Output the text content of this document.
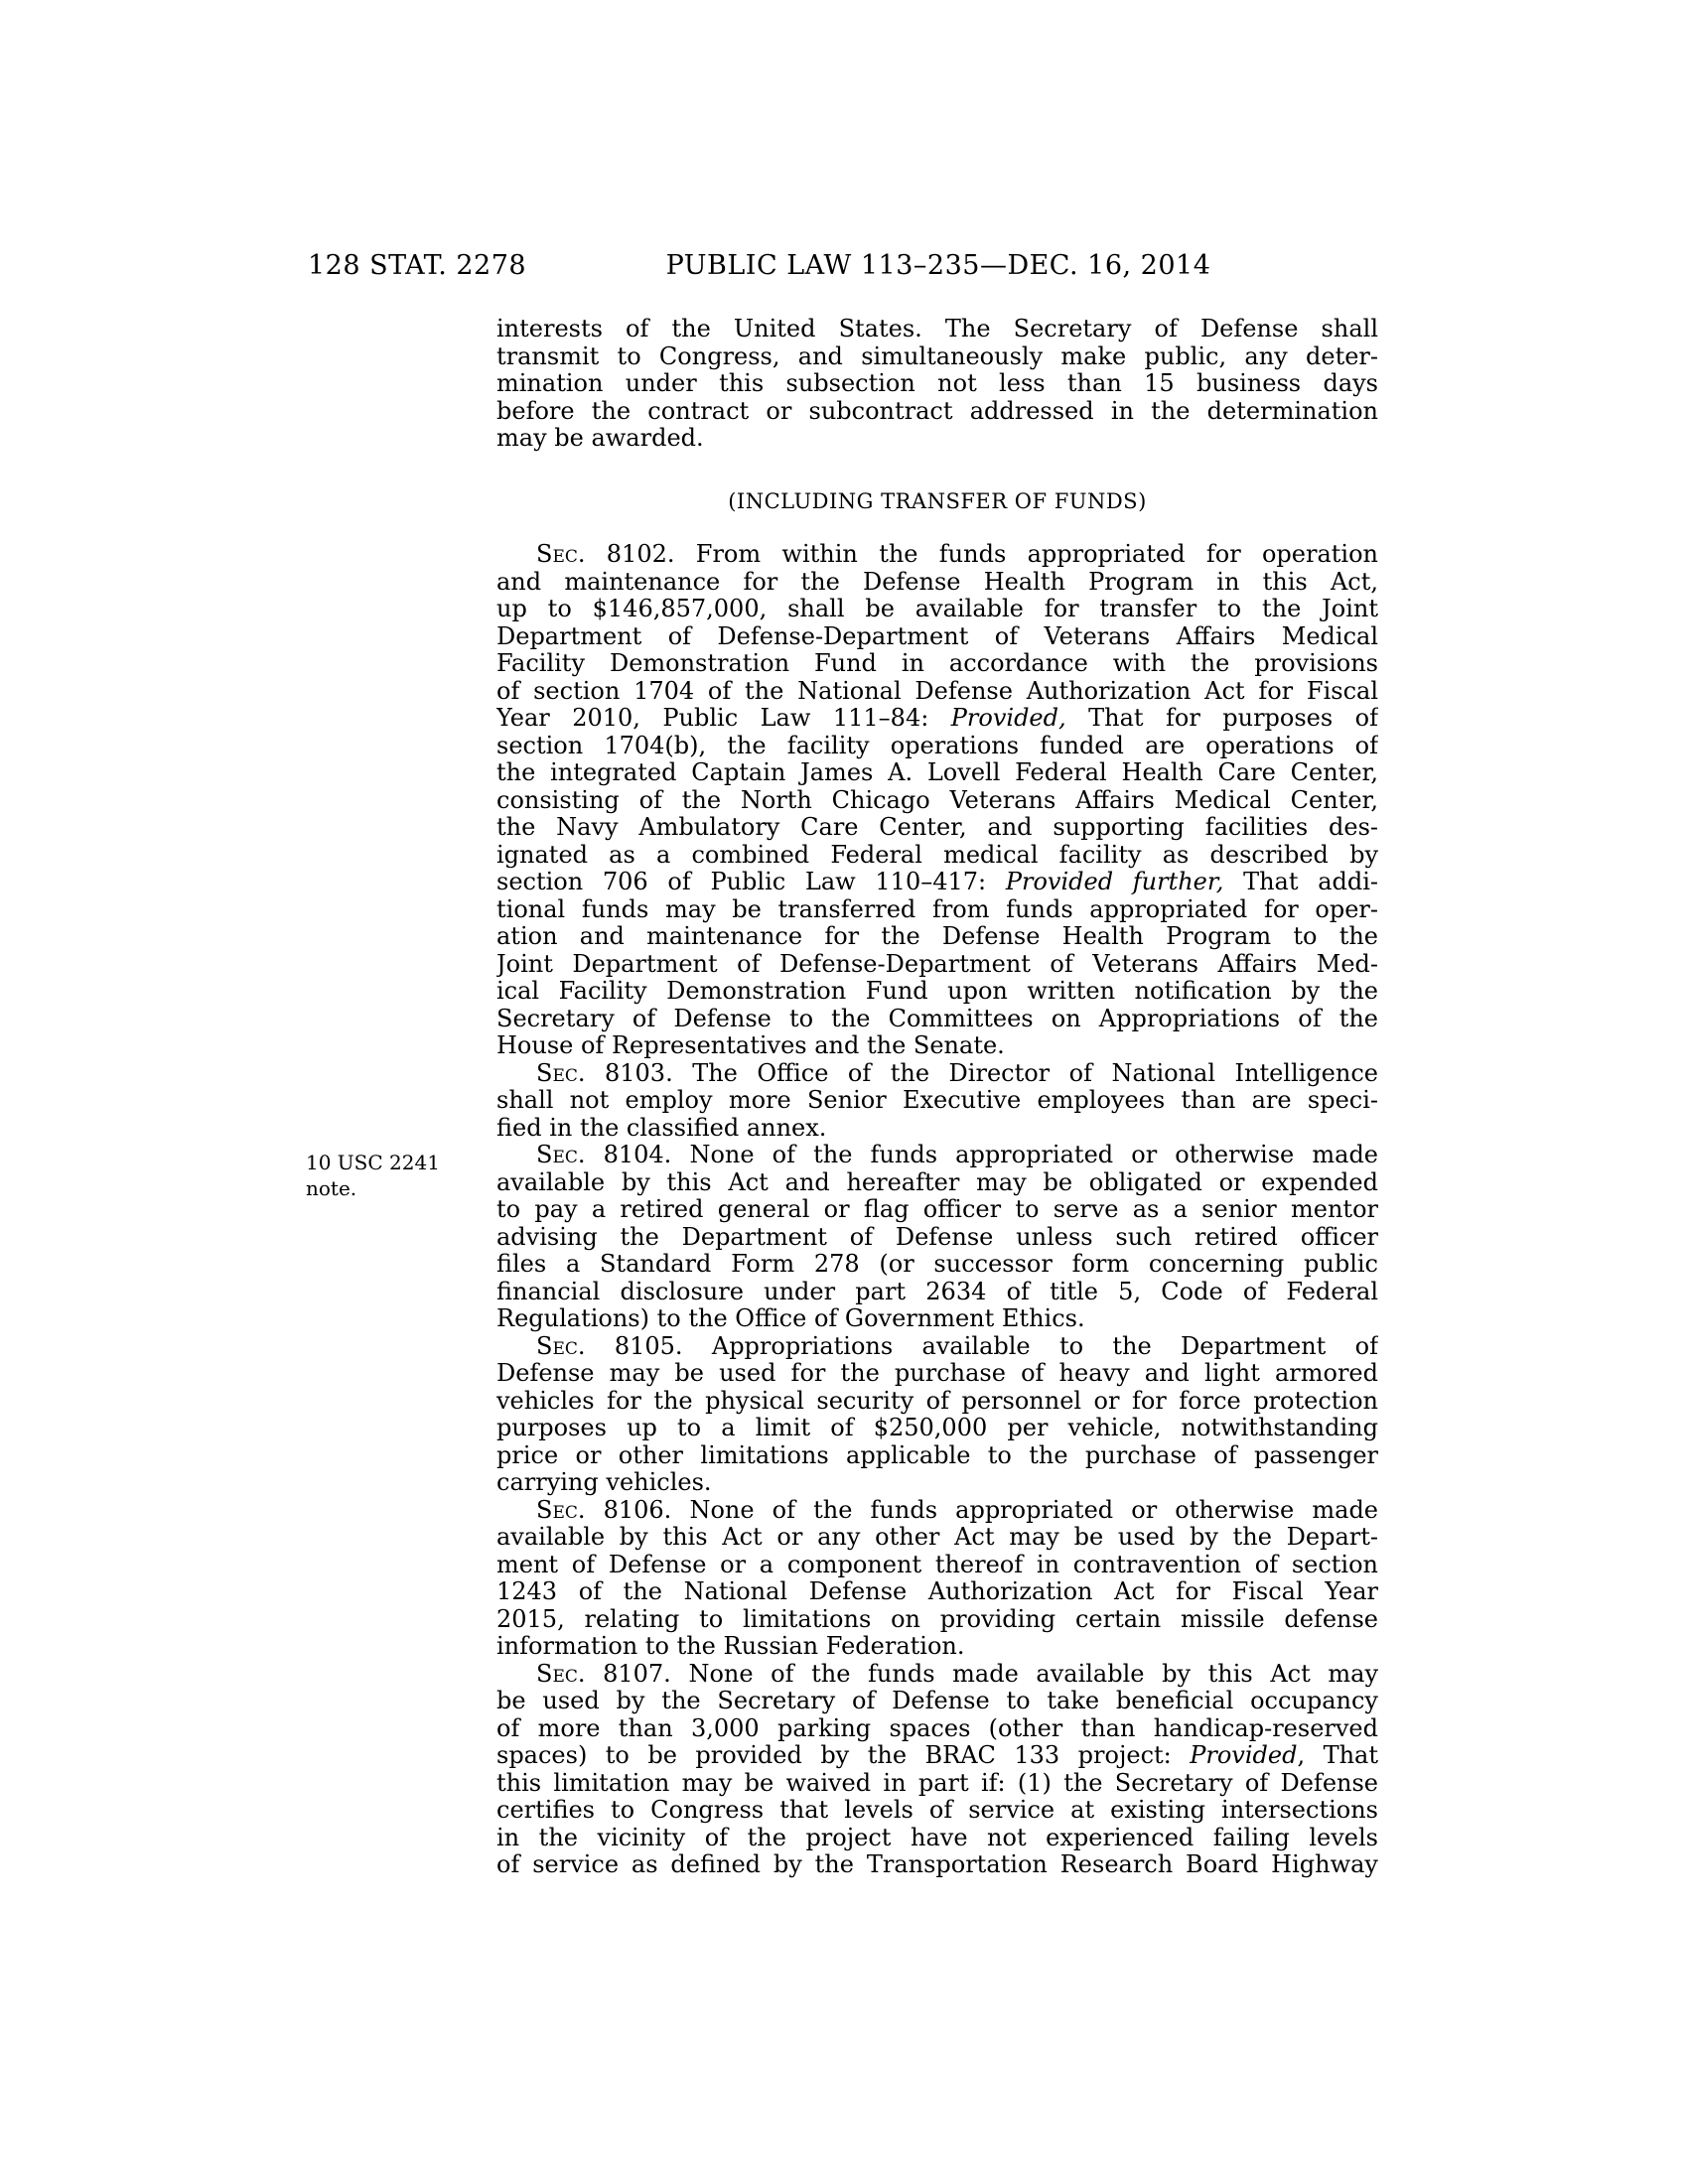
128 STAT. 2278	PUBLIC LAW 113–235—DEC. 16, 2014
10 USC 2241
note.
interests of the United States. The Secretary of Defense shall
transmit to Congress, and simultaneously make public, any deter-
mination under this subsection not less than 15 business days
before the contract or subcontract addressed in the determination
may be awarded.
(INCLUDING TRANSFER OF FUNDS)
Sec. 8102. From within the funds appropriated for operation
and maintenance for the Defense Health Program in this Act,
up to $146,857,000, shall be available for transfer to the Joint
Department of Defense-Department of Veterans Affairs Medical
Facility Demonstration Fund in accordance with the provisions
of section 1704 of the National Defense Authorization Act for Fiscal
Year 2010, Public Law 111–84: Provided, That for purposes of
section 1704(b), the facility operations funded are operations of
the integrated Captain James A. Lovell Federal Health Care Center,
consisting of the North Chicago Veterans Affairs Medical Center,
the Navy Ambulatory Care Center, and supporting facilities des-
ignated as a combined Federal medical facility as described by
section 706 of Public Law 110–417: Provided further, That addi-
tional funds may be transferred from funds appropriated for oper-
ation and maintenance for the Defense Health Program to the
Joint Department of Defense-Department of Veterans Affairs Med-
ical Facility Demonstration Fund upon written notification by the
Secretary of Defense to the Committees on Appropriations of the
House of Representatives and the Senate.
Sec. 8103. The Office of the Director of National Intelligence
shall not employ more Senior Executive employees than are speci-
fied in the classified annex.
Sec. 8104. None of the funds appropriated or otherwise made
available by this Act and hereafter may be obligated or expended
to pay a retired general or flag officer to serve as a senior mentor
advising the Department of Defense unless such retired officer
files a Standard Form 278 (or successor form concerning public
financial disclosure under part 2634 of title 5, Code of Federal
Regulations) to the Office of Government Ethics.
Sec. 8105. Appropriations available to the Department of
Defense may be used for the purchase of heavy and light armored
vehicles for the physical security of personnel or for force protection
purposes up to a limit of $250,000 per vehicle, notwithstanding
price or other limitations applicable to the purchase of passenger
carrying vehicles.
Sec. 8106. None of the funds appropriated or otherwise made
available by this Act or any other Act may be used by the Depart-
ment of Defense or a component thereof in contravention of section
1243 of the National Defense Authorization Act for Fiscal Year
2015, relating to limitations on providing certain missile defense
information to the Russian Federation.
Sec. 8107. None of the funds made available by this Act may
be used by the Secretary of Defense to take beneficial occupancy
of more than 3,000 parking spaces (other than handicap-reserved
spaces) to be provided by the BRAC 133 project: Provided, That
this limitation may be waived in part if: (1) the Secretary of Defense
certifies to Congress that levels of service at existing intersections
in the vicinity of the project have not experienced failing levels
of service as defined by the Transportation Research Board Highway
